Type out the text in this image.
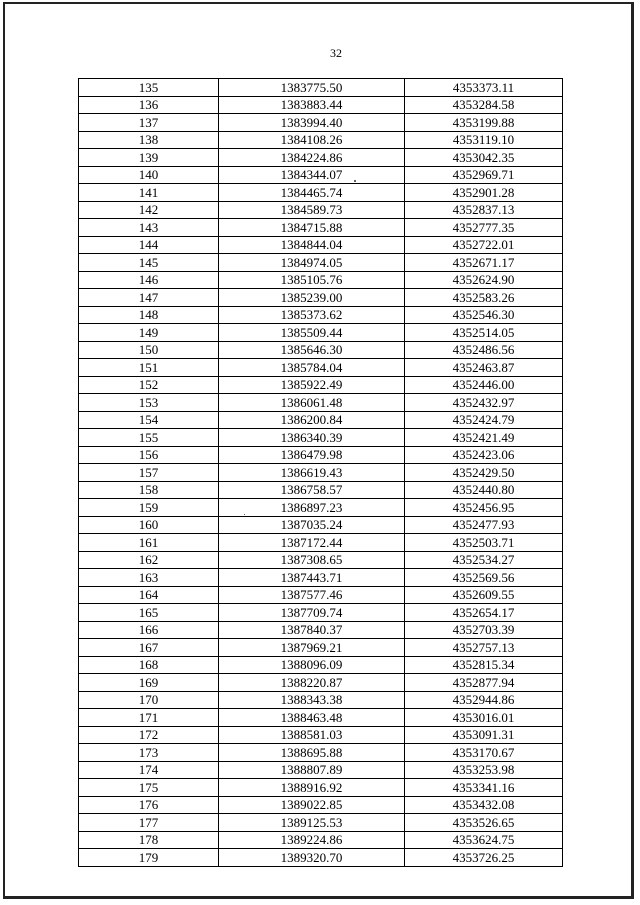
32
135	1383775.50	4353373.11
136	1383883.44	4353284.58
137	1383994.40	4353199.88
138	1384108.26	4353119.10
139	1384224.86	4353042.35
140	1384344.07	4352969.71
141	1384465.74	4352901.28
142	1384589.73	4352837.13
143	1384715.88	4352777.35
144	1384844.04	4352722.01
145	1384974.05	4352671.17
146	1385105.76	4352624.90
147	1385239.00	4352583.26
148	1385373.62	4352546.30
149	1385509.44	4352514.05
150	1385646.30	4352486.56
151	1385784.04	4352463.87
152	1385922.49	4352446.00
153	1386061.48	4352432.97
154	1386200.84	4352424.79
155	1386340.39	4352421.49
156	1386479.98	4352423.06
157	1386619.43	4352429.50
158	1386758.57	4352440.80
159	1386897.23	4352456.95
160	1387035.24	4352477.93
161	1387172.44	4352503.71
162	1387308.65	4352534.27
163	1387443.71	4352569.56
164	1387577.46	4352609.55
165	1387709.74	4352654.17
166	1387840.37	4352703.39
167	1387969.21	4352757.13
168	1388096.09	4352815.34
169	1388220.87	4352877.94
170	1388343.38	4352944.86
171	1388463.48	4353016.01
172	1388581.03	4353091.31
173	1388695.88	4353170.67
174	1388807.89	4353253.98
175	1388916.92	4353341.16
176	1389022.85	4353432.08
177	1389125.53	4353526.65
178	1389224.86	4353624.75
179	1389320.70	4353726.25
